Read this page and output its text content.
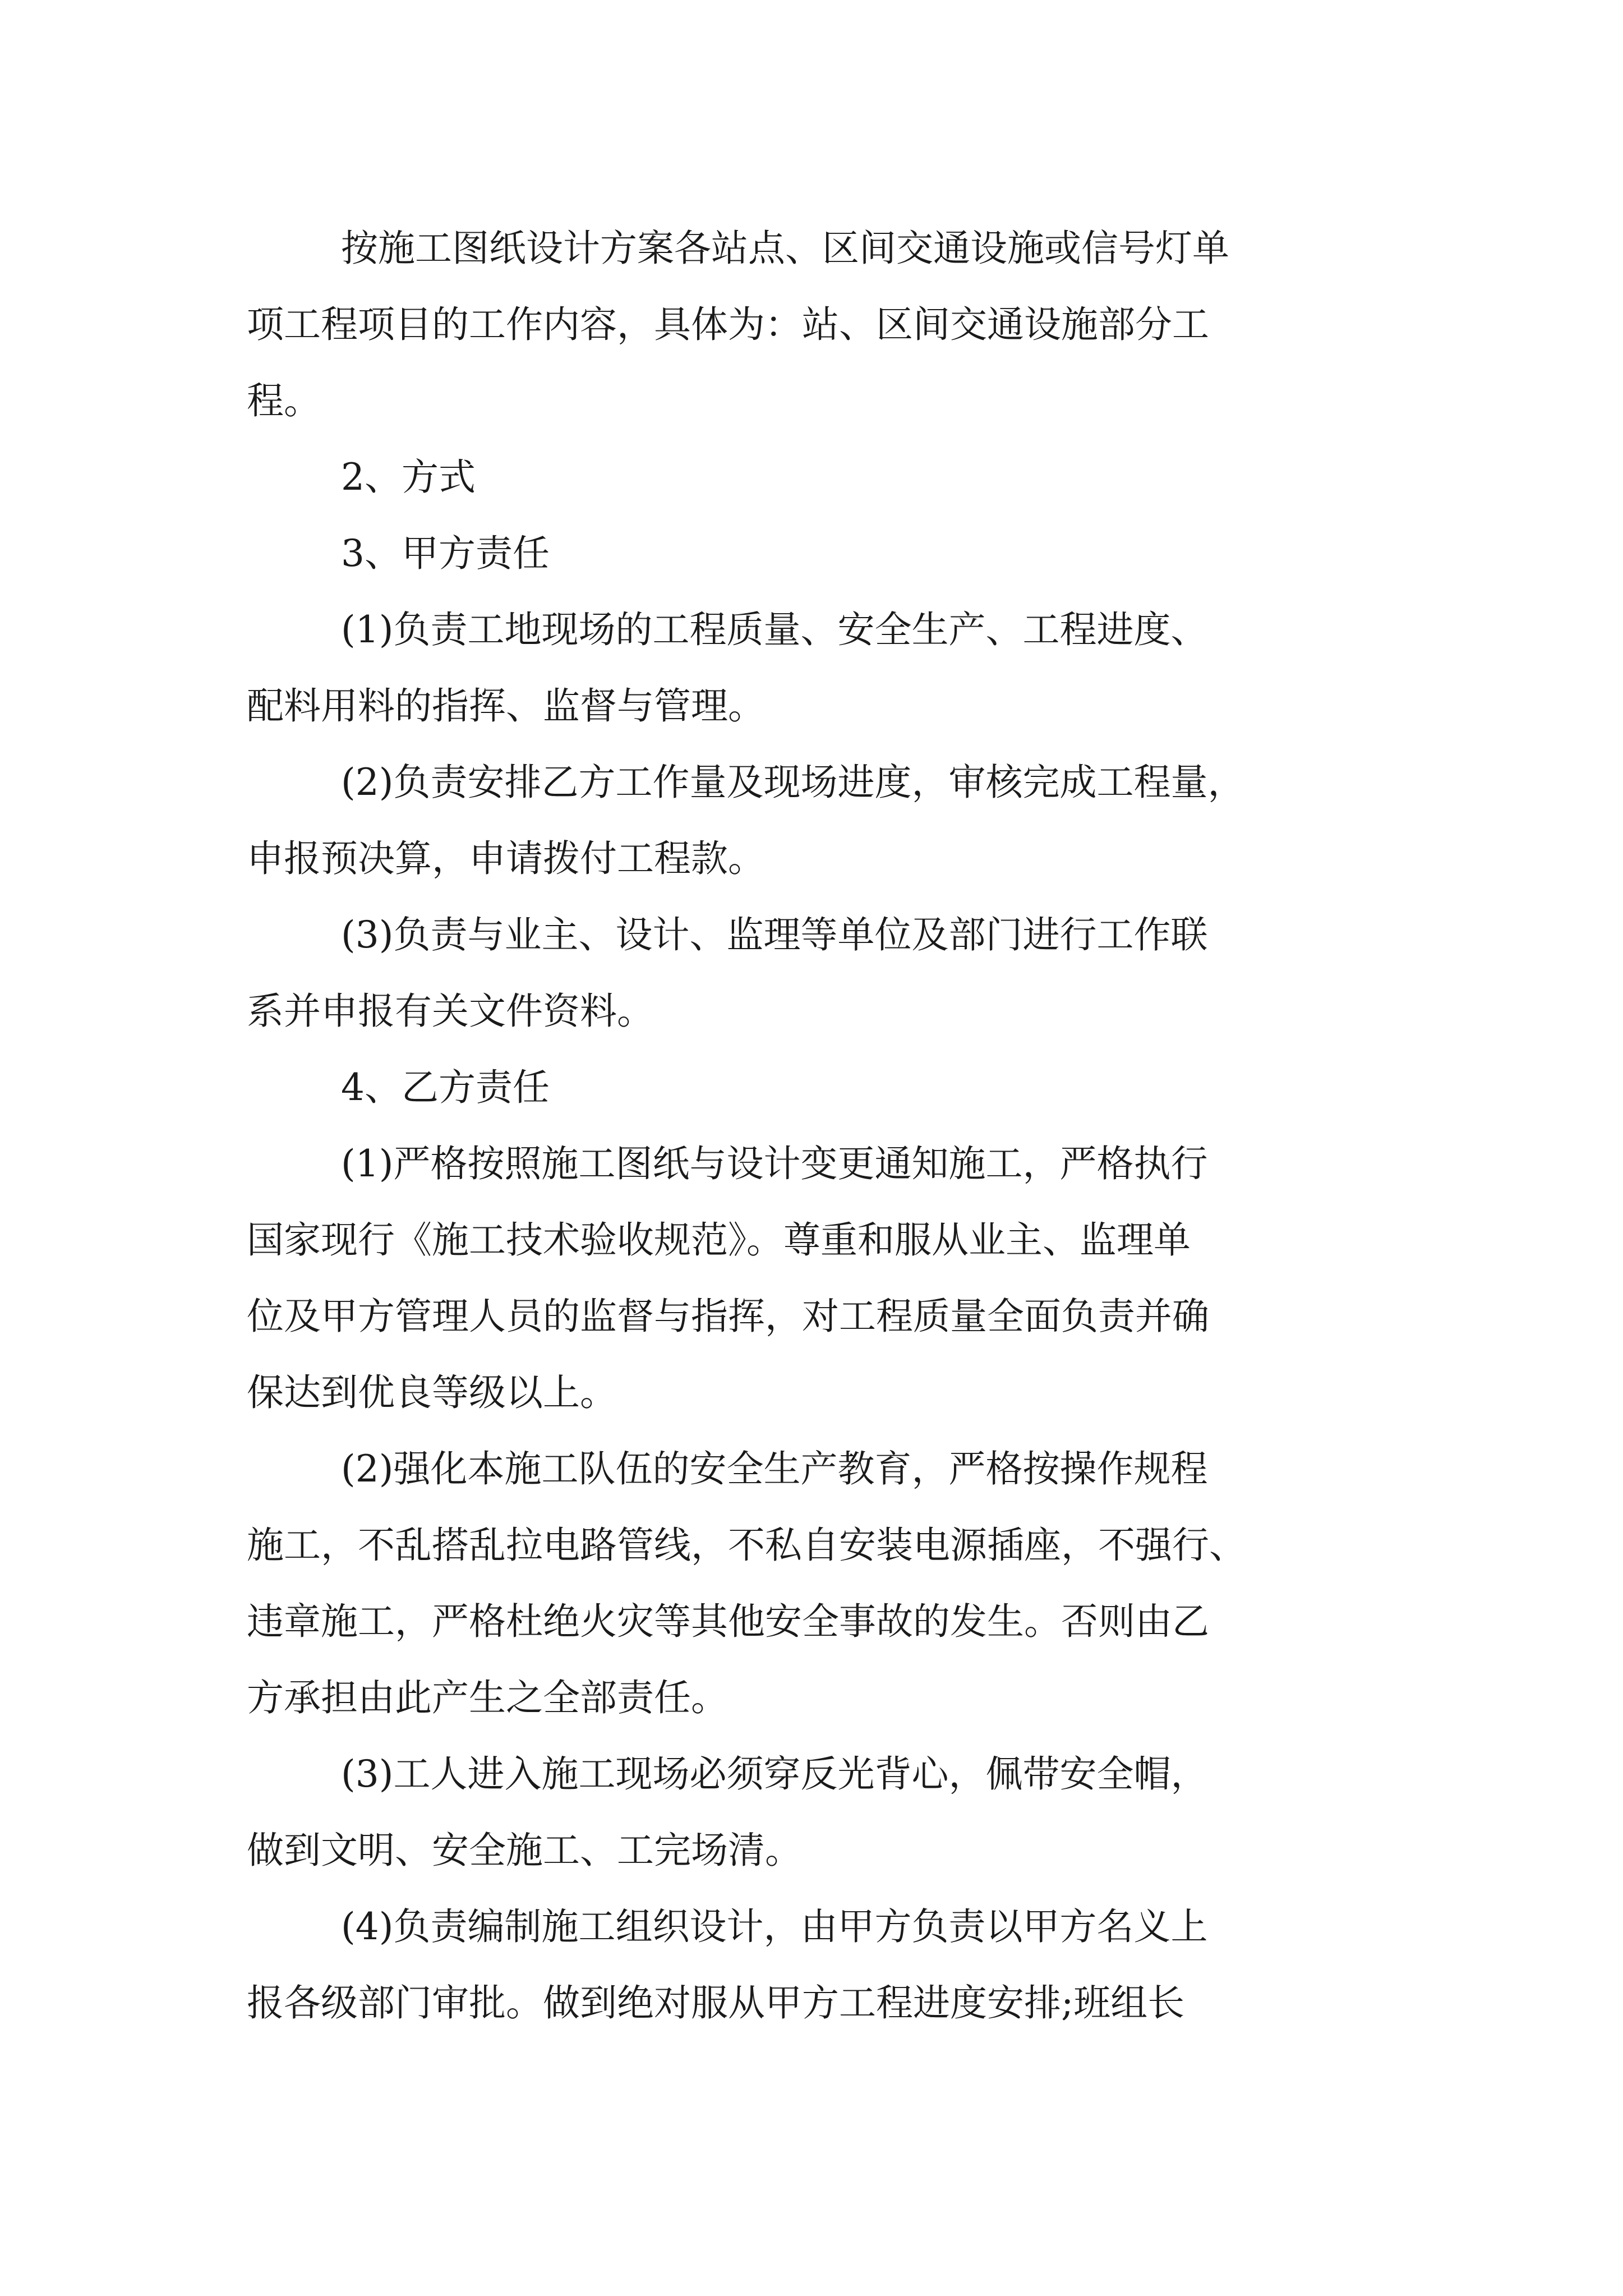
按施工图纸设计方案各站点、区间交通设施或信号灯单
项工程项目的工作内容，具体为：站、区间交通设施部分工
程。
2、方式
3、甲方责任
(1)负责工地现场的工程质量、安全生产、工程进度、
配料用料的指挥、监督与管理。
(2)负责安排乙方工作量及现场进度，审核完成工程量，
申报预决算，申请拨付工程款。
(3)负责与业主、设计、监理等单位及部门进行工作联
系并申报有关文件资料。
4、乙方责任
(1)严格按照施工图纸与设计变更通知施工，严格执行
国家现行《施工技术验收规范》。尊重和服从业主、监理单
位及甲方管理人员的监督与指挥，对工程质量全面负责并确
保达到优良等级以上。
(2)强化本施工队伍的安全生产教育，严格按操作规程
施工，不乱搭乱拉电路管线，不私自安装电源插座，不强行、
违章施工，严格杜绝火灾等其他安全事故的发生。否则由乙
方承担由此产生之全部责任。
(3)工人进入施工现场必须穿反光背心，佩带安全帽，
做到文明、安全施工、工完场清。
(4)负责编制施工组织设计，由甲方负责以甲方名义上
报各级部门审批。做到绝对服从甲方工程进度安排;班组长
